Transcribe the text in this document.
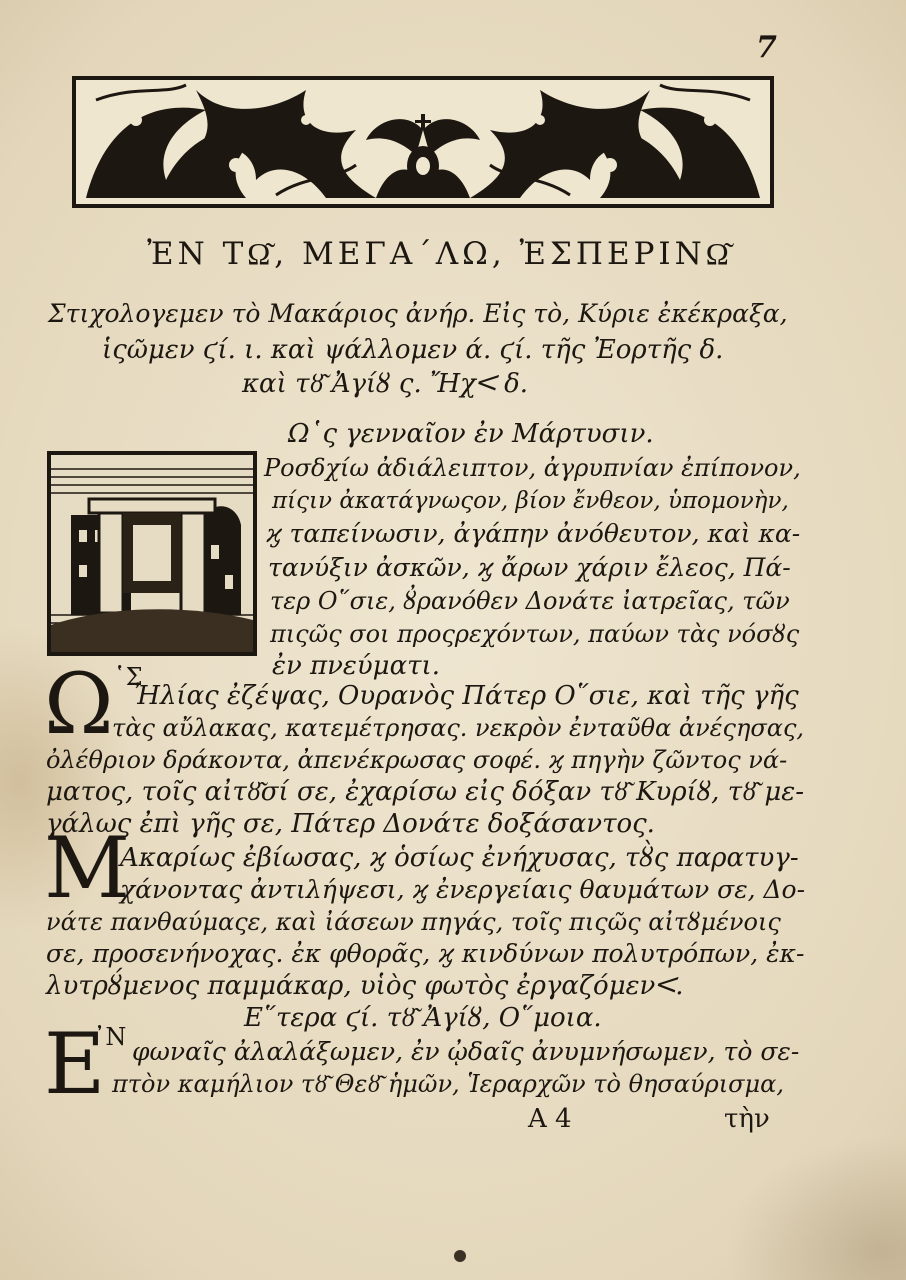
7
ἘΝ ΤΩ͂, ΜΕΓΑ΄ΛΩ, ἘΣΠΕΡΙΝΩ͂
Στιχολογεμεν τὸ Μακάριος ἀνήρ. Εἰς τὸ, Κύριε ἐκέκραξα,
ἱςῶμεν ϛί. ι. καὶ ψάλλομεν ά. ϛί. τῆς Ἐορτῆς δ.
καὶ τȣ͂ Ἀγίȣ ς. Ἤχ𝈶 δ.
Ω῾ς γενναῖον ἐν Μάρτυσιν.
Ροσδχίω ἀδιάλειπτον, ἀγρυπνίαν ἐπίπονον,
πίςιν ἀκατάγνωςον, βίον ἔνθεον, ὑπομονὴν,
ϗ ταπείνωσιν, ἀγάπην ἀνόθευτον, καὶ κα-
τανύξιν ἀσκῶν, ϗ ἄρων χάριν ἔλεος, Πά-
τερ Ο῞σιε, ȣ̓ρανόθεν Δονάτε ἰατρεῖας, τῶν
πιςῶς σοι προςρεχόντων, παύων τὰς νόσȣς
ἐν πνεύματι.
$\Omega^{῾\Sigma}$
Ἠλίας ἐζέψας, Ουρανὸς Πάτερ Ο῞σιε, καὶ τῆς γῆς
τὰς αὔλακας, κατεμέτρησας. νεκρὸν ἐνταῦθα ἀνέςησας,
ὀλέθριον δράκοντα, ἀπενέκρωσας σοφέ. ϗ πηγὴν ζῶντος νά-
ματος, τοῖς αἰτȣ͂σί σε, ἐχαρίσω εἰς δόξαν τȣ͂ Κυρίȣ, τȣ͂ με-
γάλως ἐπὶ γῆς σε, Πάτερ Δονάτε δοξάσαντος.
Μ
Ακαρίως ἐβίωσας, ϗ ὁσίως ἐνήχυσας, τȣ̀ς παρατυγ-
χάνοντας ἀντιλήψεσι, ϗ ἐνεργείαις θαυμάτων σε, Δο-
νάτε πανθαύμαςε, καὶ ἰάσεων πηγάς, τοῖς πιςῶς αἰτȣμένοις
σε, προσενήνοχας. ἐκ φθορᾶς, ϗ κινδύνων πολυτρόπων, ἐκ-
λυτρȣ́μενος παμμάκαρ, υἱὸς φωτὸς ἐργαζόμεν𝈶.
Ε῞τερα ϛί. τȣ͂ Ἀγίȣ, Ο῞μοια.
$E^{̓N}$ φωναῖς ἀλαλάξωμεν, ἐν ᾠδαῖς ἀνυμνήσωμεν, τὸ σε-
πτὸν καμήλιον τȣ͂ Θεȣ͂ ἡμῶν, Ἱεραρχῶν τὸ θησαύρισμα,
Α 4	τὴν
